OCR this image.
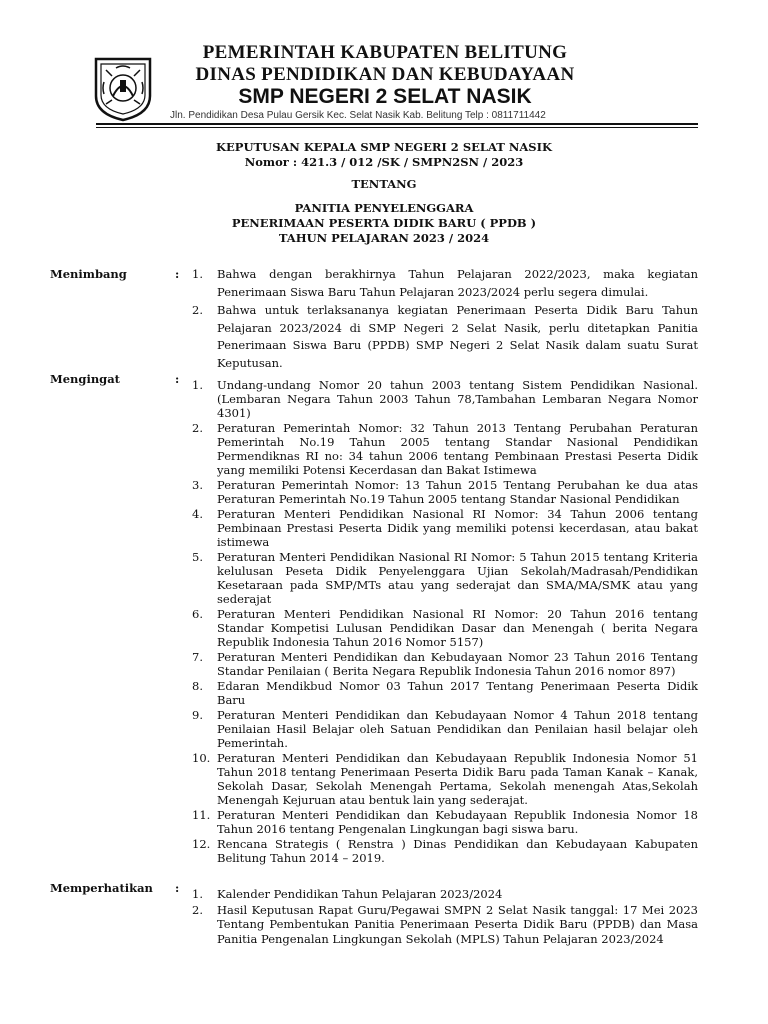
PEMERINTAH KABUPATEN BELITUNG
DINAS PENDIDIKAN DAN KEBUDAYAAN
SMP NEGERI 2 SELAT NASIK
Jln. Pendidikan Desa Pulau Gersik Kec. Selat Nasik Kab. Belitung Telp : 0811711442
KEPUTUSAN KEPALA SMP NEGERI 2 SELAT NASIK
Nomor : 421.3 / 012 /SK / SMPN2SN / 2023
TENTANG
PANITIA PENYELENGGARA
PENERIMAAN PESERTA DIDIK BARU ( PPDB )
TAHUN PELAJARAN 2023 / 2024
Menimbang	: 1. Bahwa dengan berakhirnya Tahun Pelajaran 2022/2023, maka kegiatan Penerimaan Siswa Baru Tahun Pelajaran 2023/2024 perlu segera dimulai.
2. Bahwa untuk terlaksananya kegiatan Penerimaan Peserta Didik Baru Tahun Pelajaran 2023/2024 di SMP Negeri 2 Selat Nasik, perlu ditetapkan Panitia Penerimaan Siswa Baru (PPDB) SMP Negeri 2 Selat Nasik dalam suatu Surat Keputusan.
Mengingat	: 1. Undang-undang Nomor 20 tahun 2003 tentang Sistem Pendidikan Nasional. (Lembaran Negara Tahun 2003 Tahun 78,Tambahan Lembaran Negara Nomor 4301)
2. Peraturan Pemerintah Nomor: 32 Tahun 2013 Tentang Perubahan Peraturan Pemerintah No.19 Tahun 2005 tentang Standar Nasional Pendidikan Permendiknas RI no: 34 tahun 2006 tentang Pembinaan Prestasi Peserta Didik yang memiliki Potensi Kecerdasan dan Bakat Istimewa
3. Peraturan Pemerintah Nomor: 13 Tahun 2015 Tentang Perubahan ke dua atas Peraturan Pemerintah No.19 Tahun 2005 tentang Standar Nasional Pendidikan
4. Peraturan Menteri Pendidikan Nasional RI Nomor: 34 Tahun 2006 tentang Pembinaan Prestasi Peserta Didik yang memiliki potensi kecerdasan, atau bakat istimewa
5. Peraturan Menteri Pendidikan Nasional RI Nomor: 5 Tahun 2015 tentang Kriteria kelulusan Peseta Didik Penyelenggara Ujian Sekolah/Madrasah/Pendidikan Kesetaraan pada SMP/MTs atau yang sederajat dan SMA/MA/SMK atau yang sederajat
6. Peraturan Menteri Pendidikan Nasional RI Nomor: 20 Tahun 2016 tentang Standar Kompetisi Lulusan Pendidikan Dasar dan Menengah ( berita Negara Republik Indonesia Tahun 2016 Nomor 5157)
7. Peraturan Menteri Pendidikan dan Kebudayaan Nomor 23 Tahun 2016 Tentang Standar Penilaian ( Berita Negara Republik Indonesia Tahun 2016 nomor 897)
8. Edaran Mendikbud Nomor 03 Tahun 2017 Tentang Penerimaan Peserta Didik Baru
9. Peraturan Menteri Pendidikan dan Kebudayaan Nomor 4 Tahun 2018 tentang Penilaian Hasil Belajar oleh Satuan Pendidikan dan Penilaian hasil belajar oleh Pemerintah.
10. Peraturan Menteri Pendidikan dan Kebudayaan Republik Indonesia Nomor 51 Tahun 2018 tentang Penerimaan Peserta Didik Baru pada Taman Kanak – Kanak, Sekolah Dasar, Sekolah Menengah Pertama, Sekolah menengah Atas,Sekolah Menengah Kejuruan atau bentuk lain yang sederajat.
11. Peraturan Menteri Pendidikan dan Kebudayaan Republik Indonesia Nomor 18 Tahun 2016 tentang Pengenalan Lingkungan bagi siswa baru.
12. Rencana Strategis ( Renstra ) Dinas Pendidikan dan Kebudayaan Kabupaten Belitung Tahun 2014 – 2019.
Memperhatikan : 1. Kalender Pendidikan Tahun Pelajaran 2023/2024
2. Hasil Keputusan Rapat Guru/Pegawai SMPN 2 Selat Nasik tanggal: 17 Mei 2023 Tentang Pembentukan Panitia Penerimaan Peserta Didik Baru (PPDB) dan Masa Panitia Pengenalan Lingkungan Sekolah (MPLS) Tahun Pelajaran 2023/2024
